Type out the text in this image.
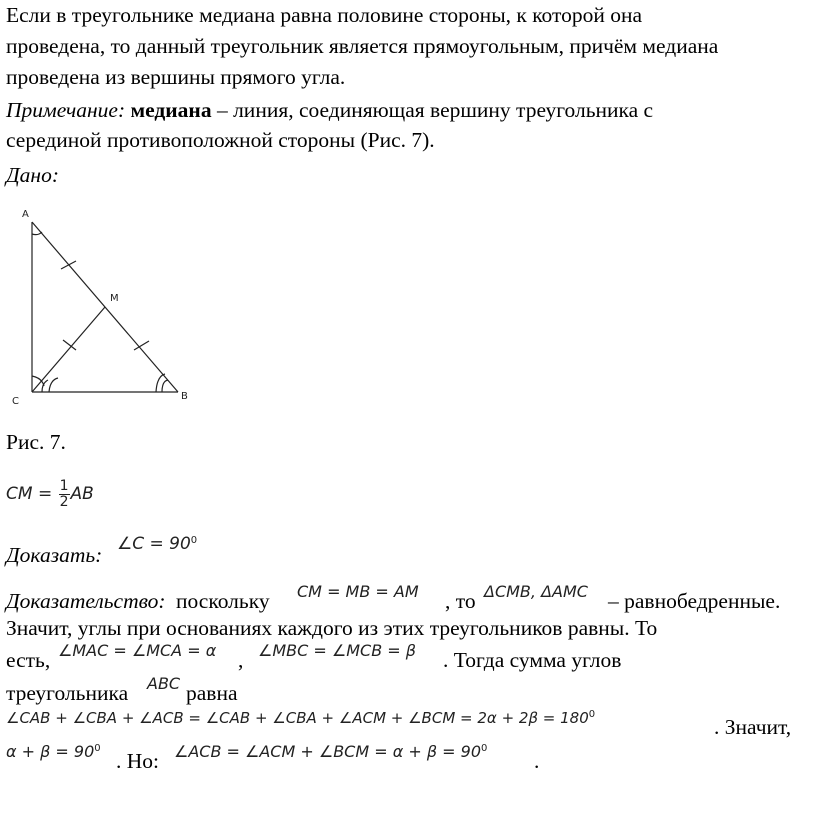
Если в треугольнике медиана равна половине стороны, к которой она
проведена, то данный треугольник является прямоугольным, причём медиана
проведена из вершины прямого угла.
Примечание: медиана – линия, соединяющая вершину треугольника с
серединой противоположной стороны (Рис. 7).
Дано:
A
M
C	B
Рис. 7.
CM = $\frac{1}{2}$ AB
Доказать: ∠C = $90^0$
Доказательство: поскольку CM = MB = AM , то ΔCMB, ΔAMC – равнобедренные.
Значит, углы при основаниях каждого из этих треугольников равны. То
есть, ∠MAC = ∠MCA = α , ∠MBC = ∠MCB = β . Тогда сумма углов
треугольника ABC равна
∠CAB + ∠CBA + ∠ACB = ∠CAB + ∠CBA + ∠ACM + ∠BCM = $2\alpha + 2\beta = 180^0$
. Значит,
$\alpha + \beta = 90^0$
. Но: ∠ACB = ∠ACM + ∠BCM = $\alpha + \beta = 90^0$
.
